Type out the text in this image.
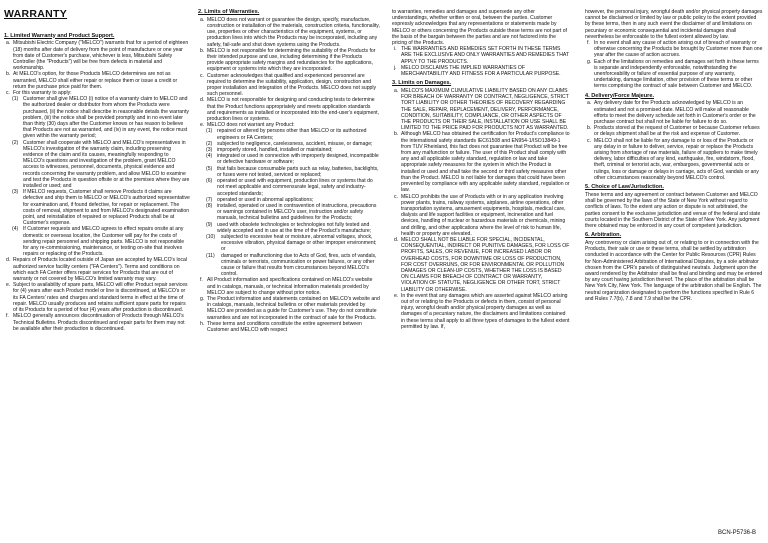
WARRANTY
1. Limited Warranty and Product Support.
a. Mitsubishi Electric Company ("MELCO") warrants that for a period of eighteen (18) months after date of delivery from the point of manufacture or one year from date of Customer's purchase, whichever is less, Mitsubishi Safety Controller (the "Products") will be free from defects in material and workmanship.
b. At MELCO's option, for those Products MELCO determines are not as warranted, MELCO shall either repair or replace them or issue a credit or return the purchase price paid for them.
c. For this warranty to apply:
(1) Customer shall give MELCO (i) notice of a warranty claim to MELCO and the authorized dealer or distributor from whom the Products were purchased, (ii) the notice shall describe in reasonable details the warranty problem, (iii) the notice shall be provided promptly and in no event later than thirty (30) days after the Customer knows or has reason to believe that Products are not as warranted, and (iv) in any event, the notice must given within the warranty period;
(2) Customer shall cooperate with MELCO and MELCO's representatives in MELCO's investigation of the warranty claim, including preserving evidence of the claim and its causes, meaningfully responding to MELCO's questions and investigation of the problem, grant MELCO access to witnesses, personnel, documents, physical evidence and records concerning the warranty problem, and allow MELCO to examine and test the Products in question offsite or at the premises where they are installed or used; and
(3) If MELCO requests, Customer shall remove Products it claims are defective and ship them to MELCO or MELCO's authorized representative for examination and, if found defective, for repair or replacement. The costs of removal, shipment to and from MELCO's designated examination point, and reinstallation of repaired or replaced Products shall be at Customer's expense.
(4) If Customer requests and MELCO agrees to effect repairs onsite at any domestic or overseas location, the Customer will pay for the costs of sending repair personnel and shipping parts. MELCO is not responsible for any re-commissioning, maintenance, or testing on-site that involves repairs or replacing of the Products.
d. Repairs of Products located outside of Japan are accepted by MELCO's local authorized service facility centers ("FA Centers"). Terms and conditions on which each FA Center offers repair services for Products that are out of warranty or not covered by MELCO's limited warranty may vary.
e. Subject to availability of spare parts, MELCO will offer Product repair services for (4) years after each Product model or line is discontinued, at MELCO's or its FA Centers' rates and charges and standard terms in effect at the time of repair. MELCO usually produces and retains sufficient spare parts for repairs of its Products for a period of four (4) years after production is discontinued.
f. MELCO generally announces discontinuation of Products through MELCO's Technical Bulletins. Products discontinued and repair parts for them may not be available after their production is discontinued.
2. Limits of Warranties.
a. MELCO does not warrant or guarantee the design, specify, manufacture, construction or installation of the materials, construction criteria, functionality, use, properties or other characteristics of the equipment, systems, or production lines into which the Products may be incorporated, including any safety, fail-safe and shut down systems using the Products.
b. MELCO is not responsible for determining the suitability of the Products for their intended purpose and use, including determining if the Products provide appropriate safety margins and redundancies for the applications, equipment or systems into which they are incorporated.
c. Customer acknowledges that qualified and experienced personnel are required to determine the suitability, application, design, construction and proper installation and integration of the Products. MELCO does not supply such personnel.
d. MELCO is not responsible for designing and conducting tests to determine that the Product functions appropriately and meets application standards and requirements as installed or incorporated into the end-user's equipment, production lines or systems.
e. MELCO does not warrant any Product:
(1) repaired or altered by persons other than MELCO or its authorized engineers or FA Centers;
(2) subjected to negligence, carelessness, accident, misuse, or damage;
(3) improperly stored, handled, installed or maintained;
(4) integrated or used in connection with improperly designed, incompatible or defective hardware or software;
(5) that fails because consumable parts such as relay, batteries, backlights, or fuses were not tested, serviced or replaced;
(6) operated or used with equipment, production lines or systems that do not meet applicable and commensurate legal, safety and industry-accepted standards;
(7) operated or used in abnormal applications;
(8) installed, operated or used in contravention of instructions, precautions or warnings contained in MELCO's user, instruction and/or safety manuals, technical bulletins and guidelines for the Products;
(9) used with obsolete technologies or technologies not fully tested and widely accepted and in use at the time of the Product's manufacture;
(10)	subjected to excessive heat or moisture, abnormal voltages, shock, excessive vibration, physical damage or other improper environment; or
(11)	damaged or malfunctioning due to Acts of God, fires, acts of vandals, criminals or terrorists, communication or power failures, or any other cause or failure that results from circumstances beyond MELCO's control.
f. All Product information and specifications contained on MELCO's website and in catalogs, manuals, or technical information materials provided by MELCO are subject to change without prior notice.
g. The Product information and statements contained on MELCO's website and in catalogs, manuals, technical bulletins or other materials provided by MELCO are provided as a guide for Customer's use. They do not constitute warranties and are not incorporated in the contract of sale for the Products.
h. These terms and conditions constitute the entire agreement between Customer and MELCO with respect
to warranties, remedies and damages and supersede any other understandings, whether written or oral, between the parties. Customer expressly acknowledges that any representations or statements made by MELCO or others concerning the Products outside these terms are not part of the basis of the bargain between the parties and are not factored into the pricing of the Products.
i. THE WARRANTIES AND REMEDIES SET FORTH IN THESE TERMS ARE THE EXCLUSIVE AND ONLY WARRANTIES AND REMEDIES THAT APPLY TO THE PRODUCTS.
j. MELCO DISCLAIMS THE IMPLIED WARRANTIES OF MERCHANTABILITY AND FITNESS FOR A PARTICULAR PURPOSE.
3. Limits on Damages.
a. MELCO'S MAXIMUM CUMULATIVE LIABILITY BASED ON ANY CLAIMS FOR BREACH OF WARRANTY OR CONTRACT, NEGLIGENCE, STRICT TORT LIABILITY OR OTHER THEORIES OF RECOVERY REGARDING THE SALE, REPAIR, REPLACEMENT, DELIVERY, PERFORMANCE, CONDITION, SUITABILITY, COMPLIANCE, OR OTHER ASPECTS OF THE PRODUCTS OR THEIR SALE, INSTALLATION OR USE SHALL BE LIMITED TO THE PRICE PAID FOR PRODUCTS NOT AS WARRANTED.
b. Although MELCO has obtained the certification for Product's compliance to the international safety standards IEC61508 and EN954-1/ISO13849-1 from TUV Rheinland, this fact does not guarantee that Product will be free from any malfunction or failure. The user of this Product shall comply with any and all applicable safety standard, regulation or law and take appropriate safety measures for the system in which the Product is installed or used and shall take the second or third safety measures other than the Product. MELCO is not liable for damages that could have been prevented by compliance with any applicable safety standard, regulation or law.
c. MELCO prohibits the use of Products with or in any application involving power plants, trains, railway systems, airplanes, airline operations, other transportation systems, amusement equipments, hospitals, medical care, dialysis and life support facilities or equipment, incineration and fuel devices, handling of nuclear or hazardous materials or chemicals, mining and drilling, and other applications where the level of risk to human life, health or property are elevated.
d. MELCO SHALL NOT BE LIABLE FOR SPECIAL, INCIDENTAL, CONSEQUENTIAL, INDIRECT OR PUNITIVE DAMAGES, FOR LOSS OF PROFITS, SALES, OR REVENUE, FOR INCREASED LABOR OR OVERHEAD COSTS, FOR DOWNTIME OR LOSS OF PRODUCTION, FOR COST OVERRUNS, OR FOR ENVIRONMENTAL OR POLLUTION DAMAGES OR CLEAN-UP COSTS, WHETHER THE LOSS IS BASED ON CLAIMS FOR BREACH OF CONTRACT OR WARRANTY, VIOLATION OF STATUTE, NEGLIGENCE OR OTHER TORT, STRICT LIABILITY OR OTHERWISE.
e. In the event that any damages which are asserted against MELCO arising out of or relating to the Products or defects in them, consist of personal injury, wrongful death and/or physical property damages as well as damages of a pecuniary nature, the disclaimers and limitations contained in these terms shall apply to all three types of damages to the fullest extent permitted by law. If,
however, the personal injury, wrongful death and/or physical property damages cannot be disclaimed or limited by law or public policy to the extent provided by these terms, then in any such event the disclaimer of and limitations on pecuniary or economic consequential and incidental damages shall nevertheless be enforceable to the fullest extent allowed by law.
f. In no event shall any cause of action arising out of breach of warranty or otherwise concerning the Products be brought by Customer more than one year after the cause of action accrues.
g. Each of the limitations on remedies and damages set forth in these terms is separate and independently enforceable, notwithstanding the unenforceability or failure of essential purpose of any warranty, undertaking, damage limitation, other provision of these terms or other terms comprising the contract of sale between Customer and MELCO.
4. Delivery/Force Majeure.
a. Any delivery date for the Products acknowledged by MELCO is an estimated and not a promised date. MELCO will make all reasonable efforts to meet the delivery schedule set forth in Customer's order or the purchase contract but shall not be liable for failure to do so.
b. Products stored at the request of Customer or because Customer refuses or delays shipment shall be at the risk and expense of Customer.
c. MELCO shall not be liable for any damage to or loss of the Products or any delay in or failure to deliver, service, repair or replace the Products arising from shortage of raw materials, failure of suppliers to make timely delivery, labor difficulties of any kind, earthquake, fire, windstorm, flood, theft, criminal or terrorist acts, war, embargoes, governmental acts or rulings, loss or damage or delays in carriage, acts of God, vandals or any other circumstances reasonably beyond MELCO's control.
5. Choice of Law/Jurisdiction.
These terms and any agreement or contract between Customer and MELCO shall be governed by the laws of the State of New York without regard to conflicts of laws. To the extent any action or dispute is not arbitrated, the parties consent to the exclusive jurisdiction and venue of the federal and state courts located in the Southern District of the State of New York. Any judgment there obtained may be enforced in any court of competent jurisdiction.
6. Arbitration.
Any controversy or claim arising out of, or relating to or in connection with the Products, their sale or use or these terms, shall be settled by arbitration conducted in accordance with the Center for Public Resources (CPR) Rules for Non-Administered Arbitration of International Disputes, by a sole arbitrator chosen from the CPR's panels of distinguished neutrals. Judgment upon the award rendered by the Arbitrator shall be final and binding and may be entered by any court having jurisdiction thereof. The place of the arbitration shall be New York City, New York. The language of the arbitration shall be English. The neutral organization designated to perform the functions specified in Rule 6 and Rules 7.7(b), 7.8 and 7.9 shall be the CPR.
BCN-P5736-B
